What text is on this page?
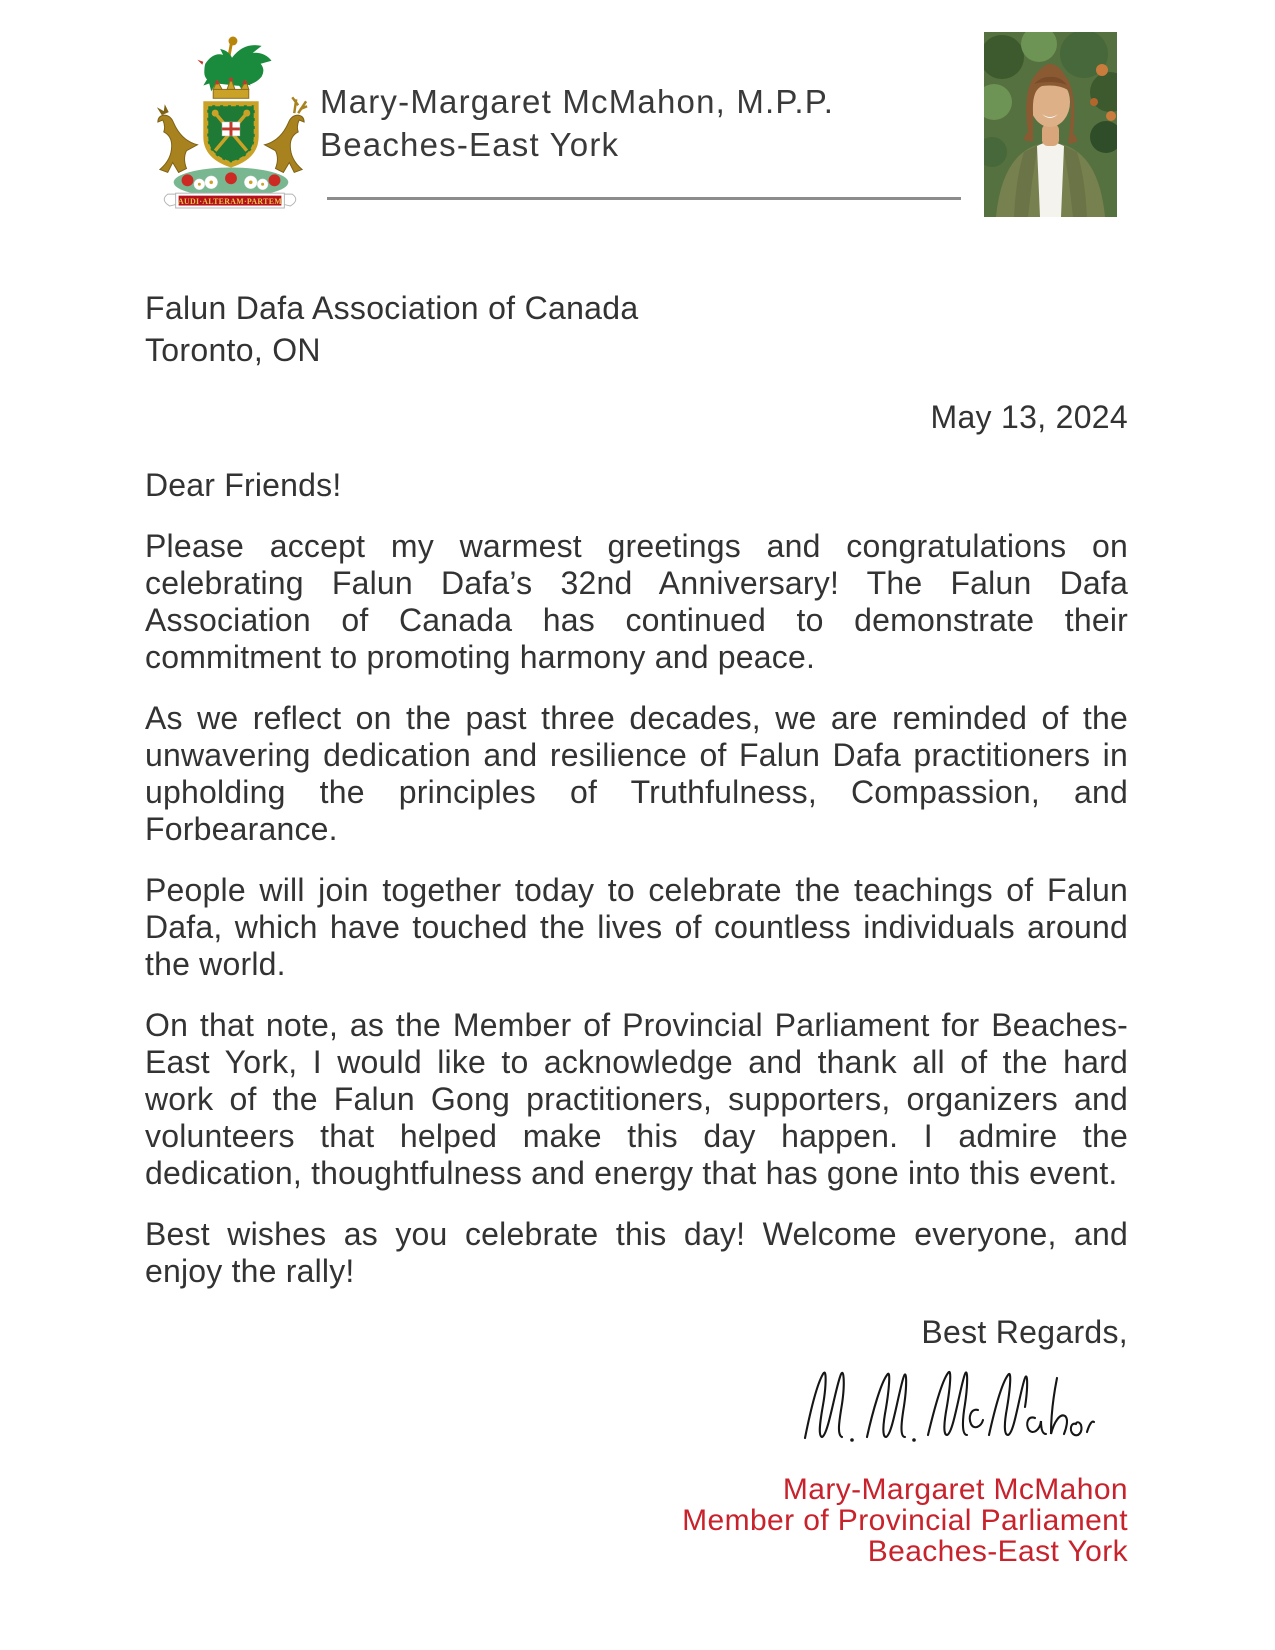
AUDI·ALTERAM·PARTEM
Mary-Margaret McMahon, M.P.P.
Beaches-East York
Falun Dafa Association of Canada
Toronto, ON
May 13, 2024

Dear Friends!

Please accept my warmest greetings and congratulations on celebrating Falun Dafa’s 32nd Anniversary! The Falun Dafa Association of Canada has continued to demonstrate their commitment to promoting harmony and peace.

As we reflect on the past three decades, we are reminded of the unwavering dedication and resilience of Falun Dafa practitioners in upholding the principles of Truthfulness, Compassion, and Forbearance.

People will join together today to celebrate the teachings of Falun Dafa, which have touched the lives of countless individuals around the world.

On that note, as the Member of Provincial Parliament for Beaches-East York, I would like to acknowledge and thank all of the hard work of the Falun Gong practitioners, supporters, organizers and volunteers that helped make this day happen. I admire the dedication, thoughtfulness and energy that has gone into this event.

Best wishes as you celebrate this day! Welcome everyone, and enjoy the rally!

Best Regards,
Mary-Margaret McMahon
Member of Provincial Parliament
Beaches-East York
